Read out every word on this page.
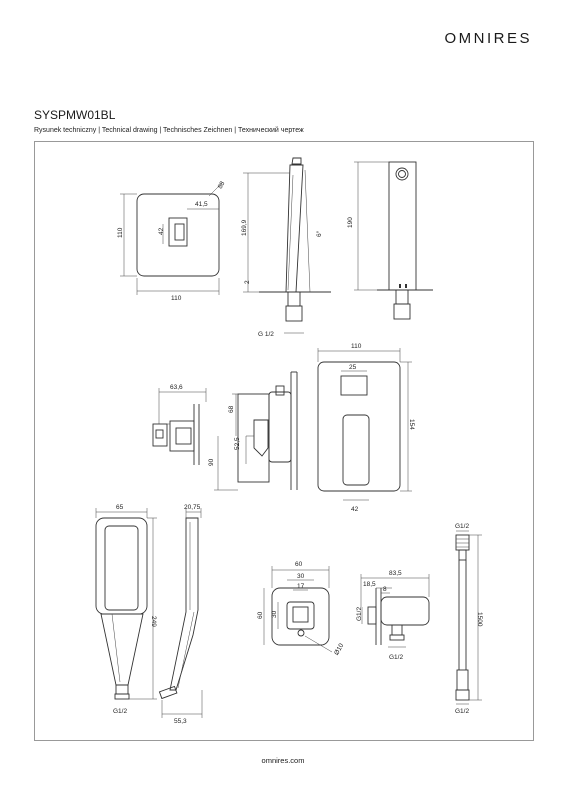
OMNIRES
SYSPMW01BL
Rysunek techniczny | Technical drawing | Technisches Zeichnen | Технический чертеж
88
41,5
42
110
110
169,9
2
6°
G 1/2
190
63,6
68
52,5
90
110
25
154
42
65
249
G1/2
20,75
55,3
60
30
17
60 30
Ø10
83,5
18,5
8
G1/2
G1/2
G1/2
1500
G1/2
omnires.com
